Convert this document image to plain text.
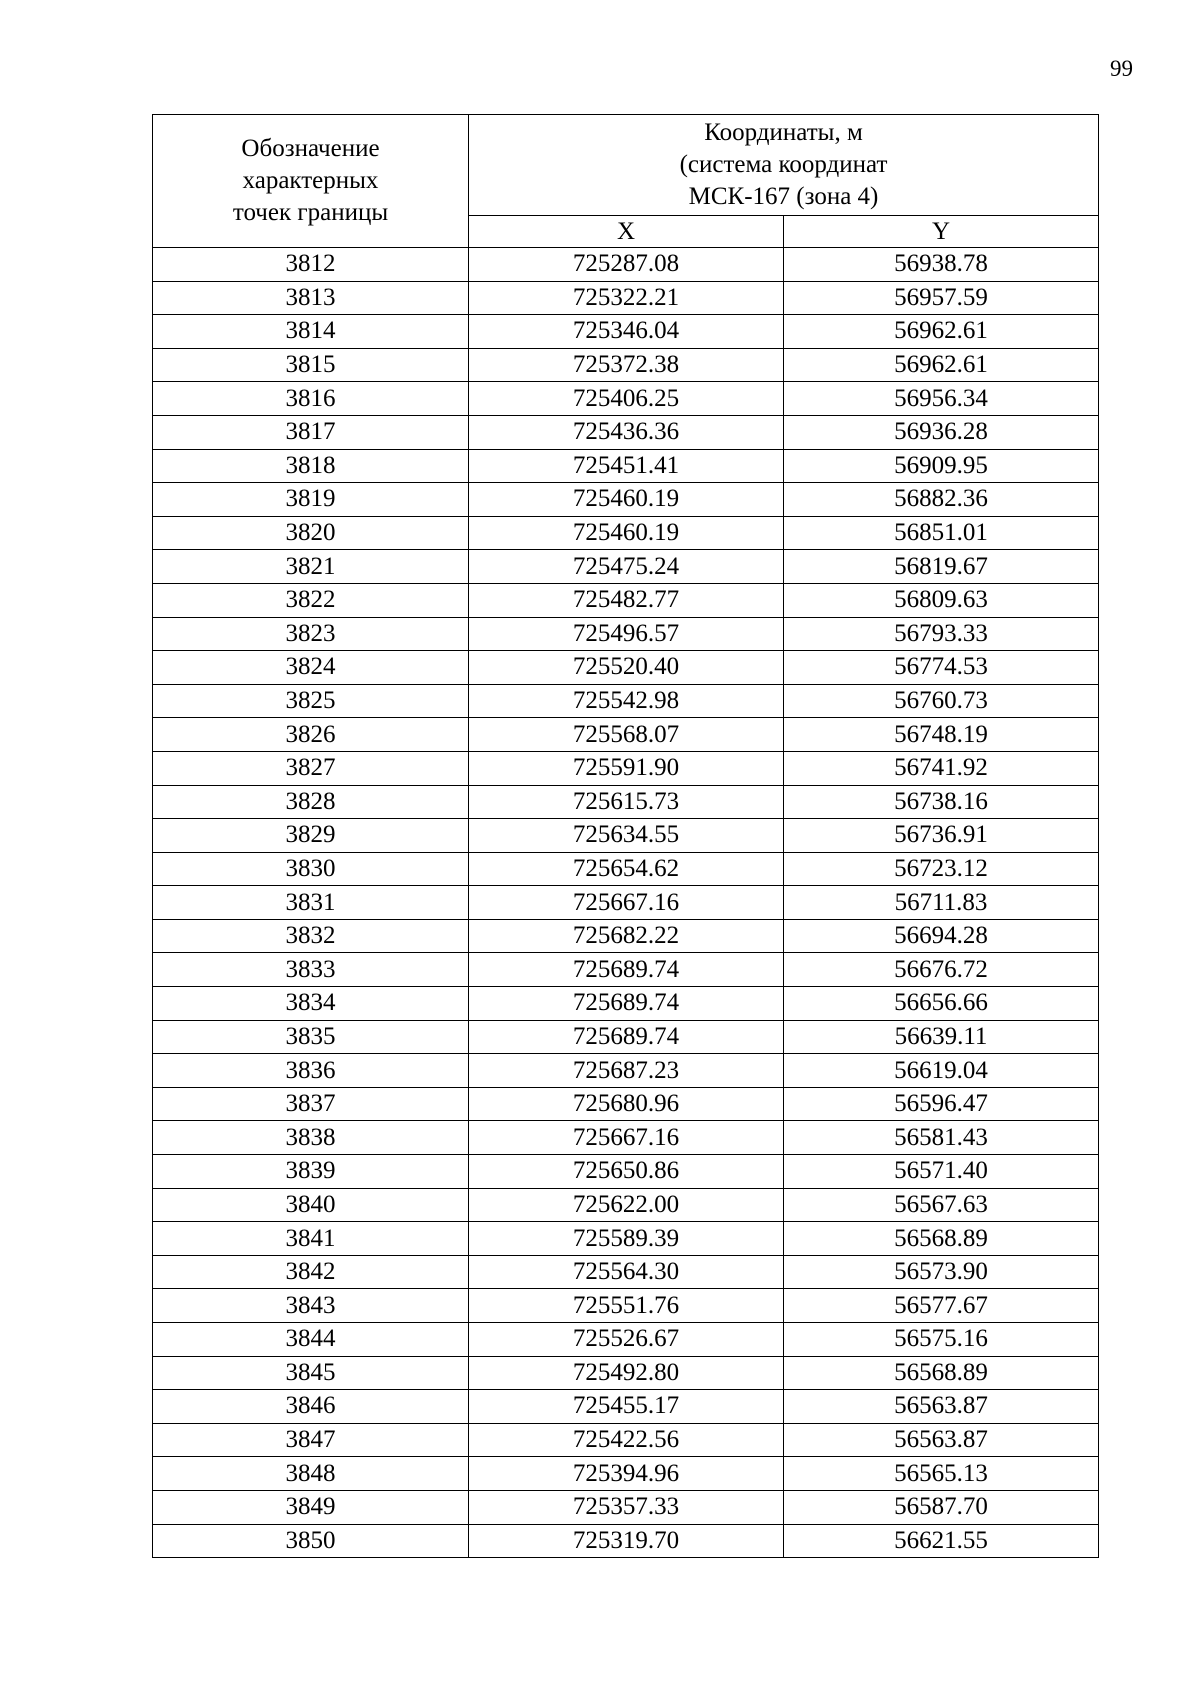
99
Обозначение
характерных
точек границы	Координаты, м
(система координат
МСК-167 (зона 4)	

	X	Y
3812	725287.08	56938.78
3813	725322.21	56957.59
3814	725346.04	56962.61
3815	725372.38	56962.61
3816	725406.25	56956.34
3817	725436.36	56936.28
3818	725451.41	56909.95
3819	725460.19	56882.36
3820	725460.19	56851.01
3821	725475.24	56819.67
3822	725482.77	56809.63
3823	725496.57	56793.33
3824	725520.40	56774.53
3825	725542.98	56760.73
3826	725568.07	56748.19
3827	725591.90	56741.92
3828	725615.73	56738.16
3829	725634.55	56736.91
3830	725654.62	56723.12
3831	725667.16	56711.83
3832	725682.22	56694.28
3833	725689.74	56676.72
3834	725689.74	56656.66
3835	725689.74	56639.11
3836	725687.23	56619.04
3837	725680.96	56596.47
3838	725667.16	56581.43
3839	725650.86	56571.40
3840	725622.00	56567.63
3841	725589.39	56568.89
3842	725564.30	56573.90
3843	725551.76	56577.67
3844	725526.67	56575.16
3845	725492.80	56568.89
3846	725455.17	56563.87
3847	725422.56	56563.87
3848	725394.96	56565.13
3849	725357.33	56587.70
3850	725319.70	56621.55
